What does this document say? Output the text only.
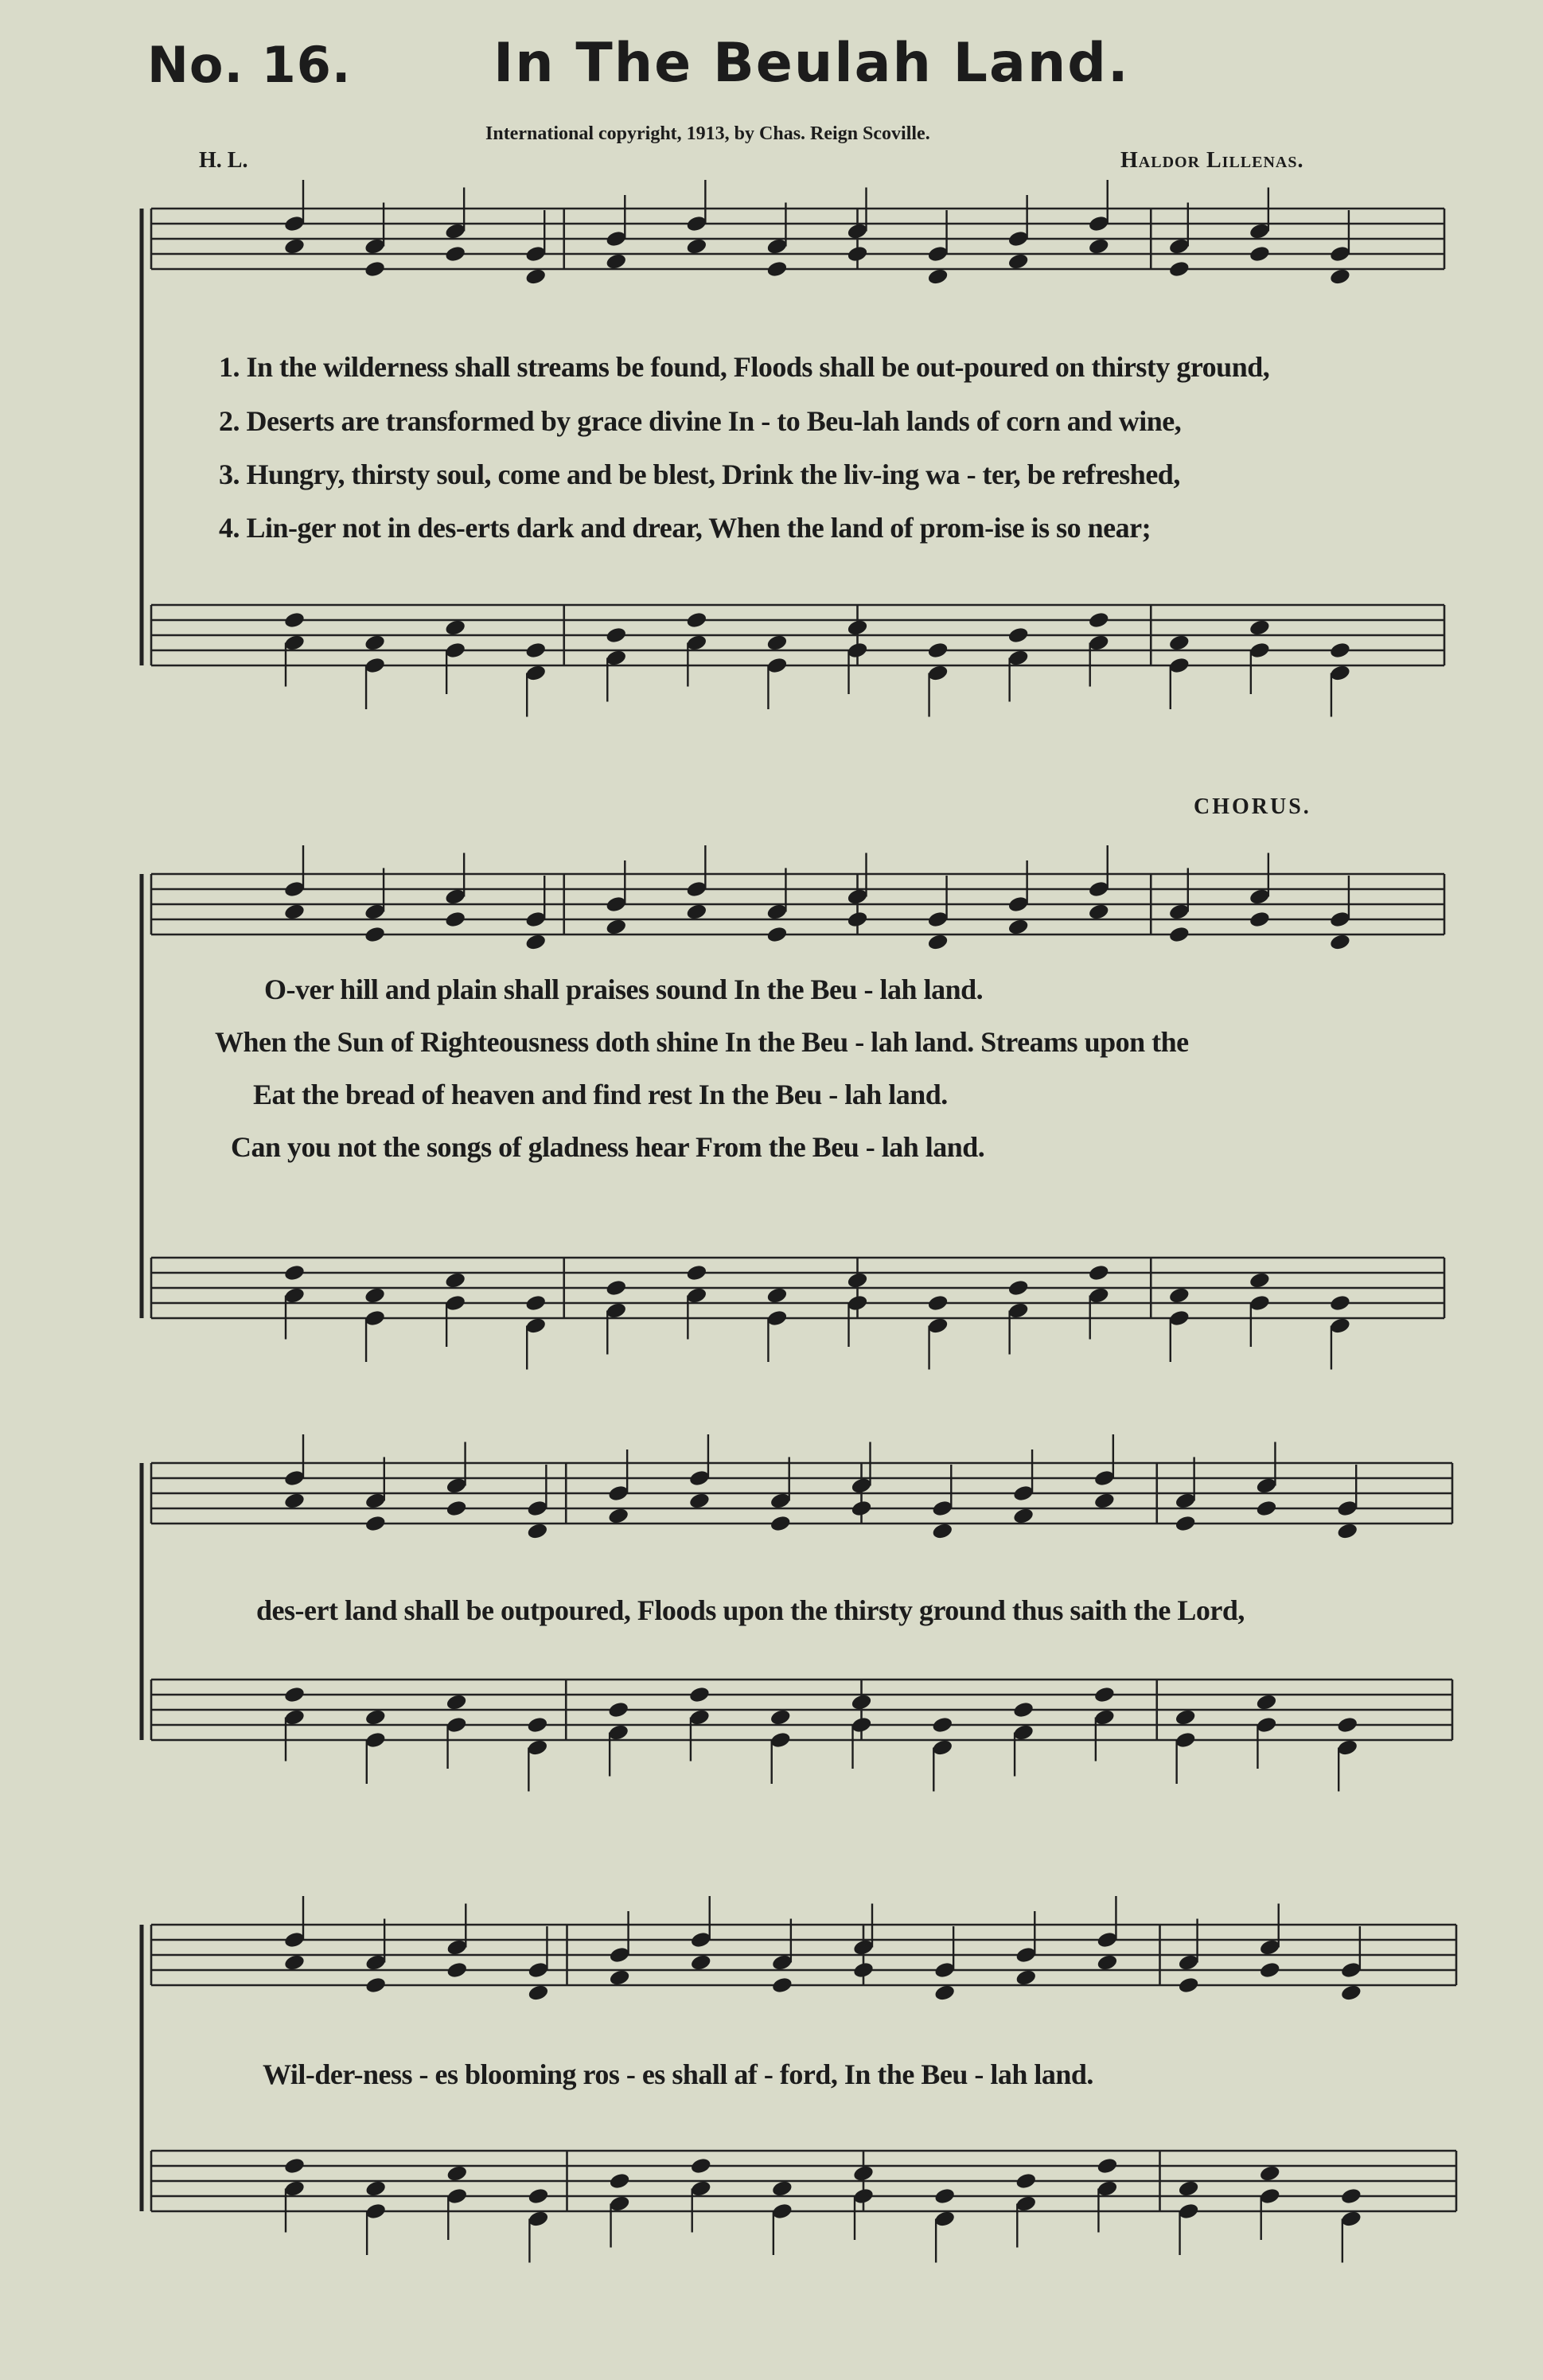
No. 16.	In The Beulah Land.
International copyright, 1913, by Chas. Reign Scoville.
H. L.	Haldor Lillenas.
1. In the wilderness shall streams be found, Floods shall be out-poured on thirsty ground,
2. Deserts are transformed by grace divine In - to Beu-lah lands of corn and wine,
3. Hungry, thirsty soul, come and be blest, Drink the liv-ing wa - ter, be refreshed,
4. Lin-ger not in des-erts dark and drear, When the land of prom-ise is so near;
CHORUS.
O-ver hill and plain shall praises sound In the Beu - lah land.
When the Sun of Righteousness doth shine In the Beu - lah land. Streams upon the
Eat the bread of heaven and find rest In the Beu - lah land.
Can you not the songs of gladness hear From the Beu - lah land.
des-ert land shall be outpoured, Floods upon the thirsty ground thus saith the Lord,
Wil-der-ness - es blooming ros - es shall af - ford, In the Beu - lah land.
